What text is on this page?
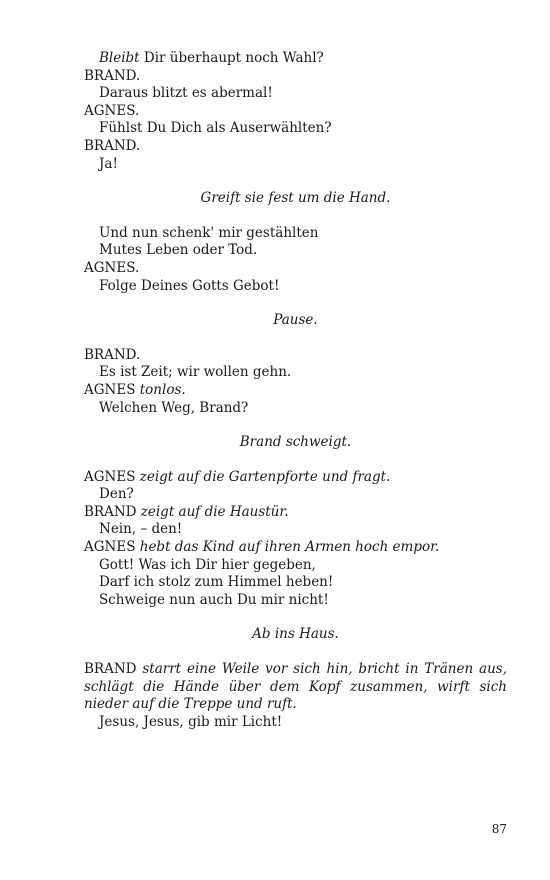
Bleibt Dir überhaupt noch Wahl?
BRAND.
Daraus blitzt es abermal!
AGNES.
Fühlst Du Dich als Auserwählten?
BRAND.
Ja!
Greift sie fest um die Hand.
Und nun schenk' mir gestählten
Mutes Leben oder Tod.
AGNES.
Folge Deines Gotts Gebot!
Pause.
BRAND.
Es ist Zeit; wir wollen gehn.
AGNES tonlos.
Welchen Weg, Brand?
Brand schweigt.
AGNES zeigt auf die Gartenpforte und fragt.
Den?
BRAND zeigt auf die Haustür.
Nein, – den!
AGNES hebt das Kind auf ihren Armen hoch empor.
Gott! Was ich Dir hier gegeben,
Darf ich stolz zum Himmel heben!
Schweige nun auch Du mir nicht!
Ab ins Haus.
BRAND starrt eine Weile vor sich hin, bricht in Tränen aus, schlägt die Hände über dem Kopf zusammen, wirft sich nieder auf die Treppe und ruft.
Jesus, Jesus, gib mir Licht!
87
